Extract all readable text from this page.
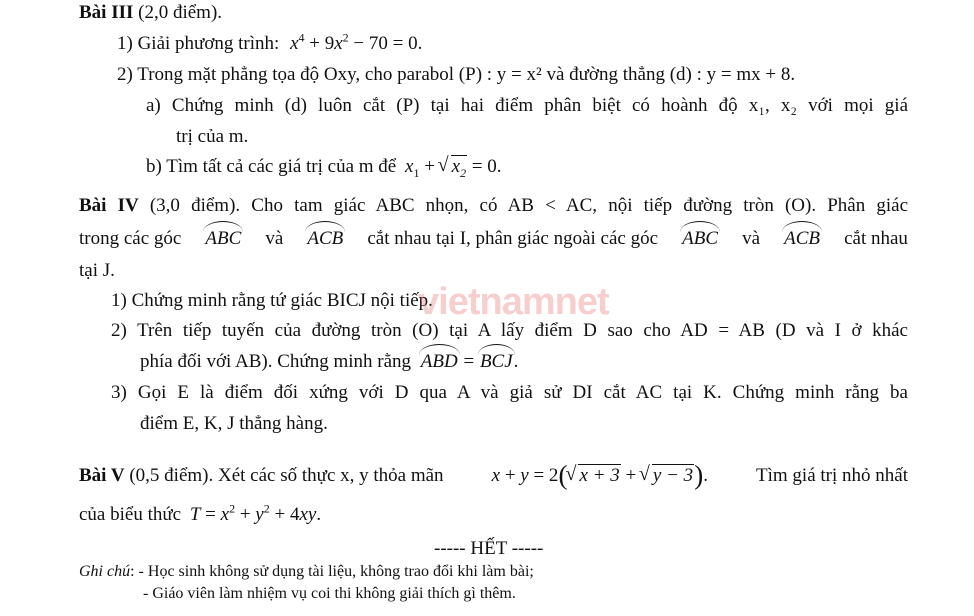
Bài III (2,0 điểm).
1) Giải phương trình: $x^4 + 9x^2 - 70 = 0$.
2) Trong mặt phẳng tọa độ Oxy, cho parabol (P) : y = x² và đường thẳng (d) : y = mx + 8.
a) Chứng minh (d) luôn cắt (P) tại hai điểm phân biệt có hoành độ x₁, x₂ với mọi giá
trị của m.
b) Tìm tất cả các giá trị của m để $x_1$ + √ $x_2 = 0$.
Bài IV (3,0 điểm). Cho tam giác ABC nhọn, có AB < AC, nội tiếp đường tròn (O). Phân giác
trong các góc ABC và ACB cắt nhau tại I, phân giác ngoài các góc ABC và ACB cắt nhau
tại J.
1) Chứng minh rằng tứ giác BICJ nội tiếp.
2) Trên tiếp tuyến của đường tròn (O) tại A lấy điểm D sao cho AD = AB (D và I ở khác
phía đối với AB). Chứng minh rằng ABD = BCJ.
3) Gọi E là điểm đối xứng với D qua A và giả sử DI cắt AC tại K. Chứng minh rằng ba
điểm E, K, J thẳng hàng.
Bài V (0,5 điểm). Xét các số thực x, y thỏa mãn	x + y = 2(√ x + 3 + √ y − 3).	Tìm giá trị nhỏ nhất
của biểu thức $T = x^2 + y^2 + 4xy$.
----- HẾT -----
Ghi chú: - Học sinh không sử dụng tài liệu, không trao đổi khi làm bài;
- Giáo viên làm nhiệm vụ coi thi không giải thích gì thêm.
vietnamnet
